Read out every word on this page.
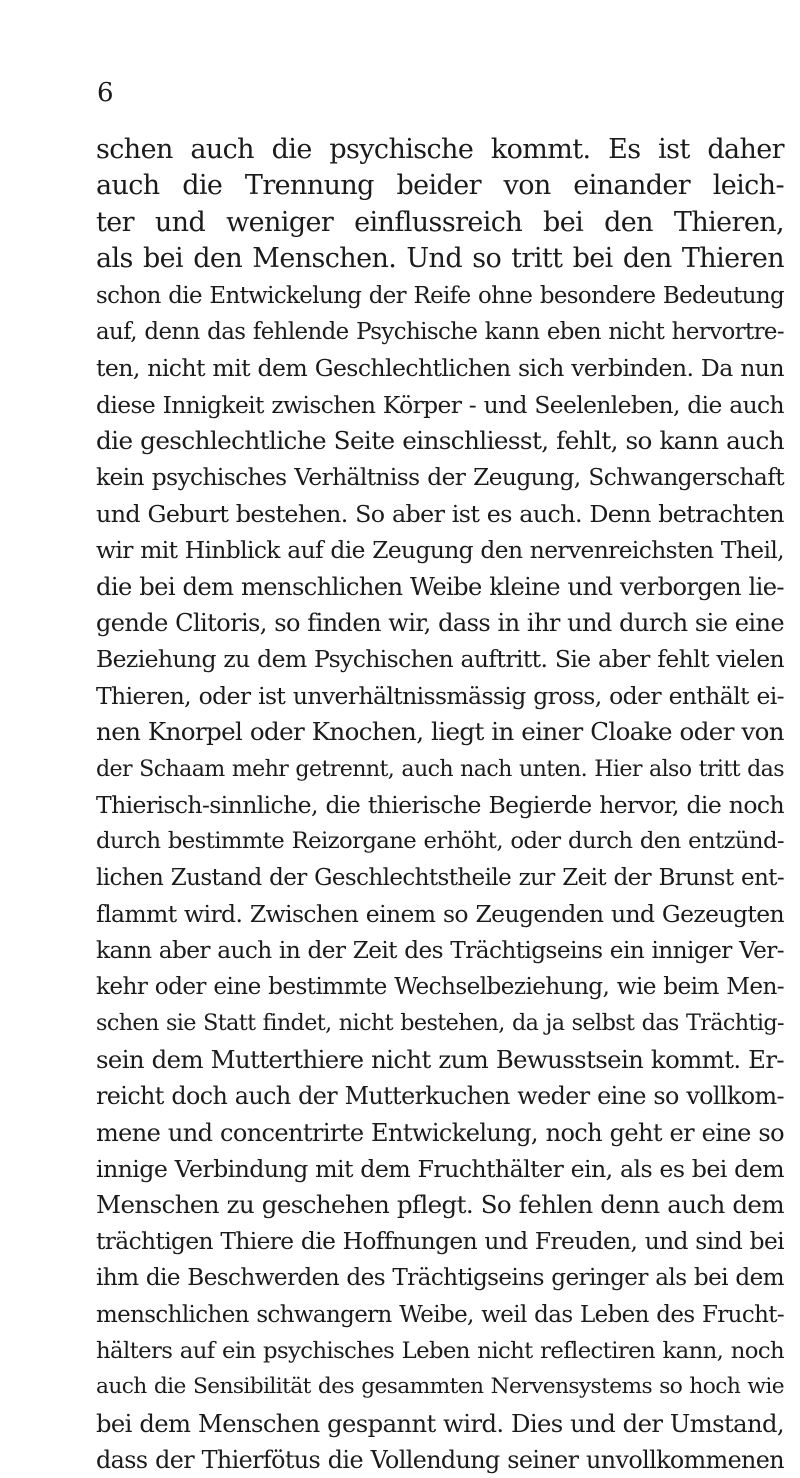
6
schen auch die psychische kommt. Es ist daher
auch die Trennung beider von einander leich-
ter und weniger einflussreich bei den Thieren,
als bei den Menschen. Und so tritt bei den Thieren
schon die Entwickelung der Reife ohne besondere Bedeutung
auf, denn das fehlende Psychische kann eben nicht hervortre-
ten, nicht mit dem Geschlechtlichen sich verbinden. Da nun
diese Innigkeit zwischen Körper - und Seelenleben, die auch
die geschlechtliche Seite einschliesst, fehlt, so kann auch
kein psychisches Verhältniss der Zeugung, Schwangerschaft
und Geburt bestehen. So aber ist es auch. Denn betrachten
wir mit Hinblick auf die Zeugung den nervenreichsten Theil,
die bei dem menschlichen Weibe kleine und verborgen lie-
gende Clitoris, so finden wir, dass in ihr und durch sie eine
Beziehung zu dem Psychischen auftritt. Sie aber fehlt vielen
Thieren, oder ist unverhältnissmässig gross, oder enthält ei-
nen Knorpel oder Knochen, liegt in einer Cloake oder von
der Schaam mehr getrennt, auch nach unten. Hier also tritt das
Thierisch-sinnliche, die thierische Begierde hervor, die noch
durch bestimmte Reizorgane erhöht, oder durch den entzünd-
lichen Zustand der Geschlechtstheile zur Zeit der Brunst ent-
flammt wird. Zwischen einem so Zeugenden und Gezeugten
kann aber auch in der Zeit des Trächtigseins ein inniger Ver-
kehr oder eine bestimmte Wechselbeziehung, wie beim Men-
schen sie Statt findet, nicht bestehen, da ja selbst das Trächtig-
sein dem Mutterthiere nicht zum Bewusstsein kommt. Er-
reicht doch auch der Mutterkuchen weder eine so vollkom-
mene und concentrirte Entwickelung, noch geht er eine so
innige Verbindung mit dem Fruchthälter ein, als es bei dem
Menschen zu geschehen pflegt. So fehlen denn auch dem
trächtigen Thiere die Hoffnungen und Freuden, und sind bei
ihm die Beschwerden des Trächtigseins geringer als bei dem
menschlichen schwangern Weibe, weil das Leben des Frucht-
hälters auf ein psychisches Leben nicht reflectiren kann, noch
auch die Sensibilität des gesammten Nervensystems so hoch wie
bei dem Menschen gespannt wird. Dies und der Umstand,
dass der Thierfötus die Vollendung seiner unvollkommenen
